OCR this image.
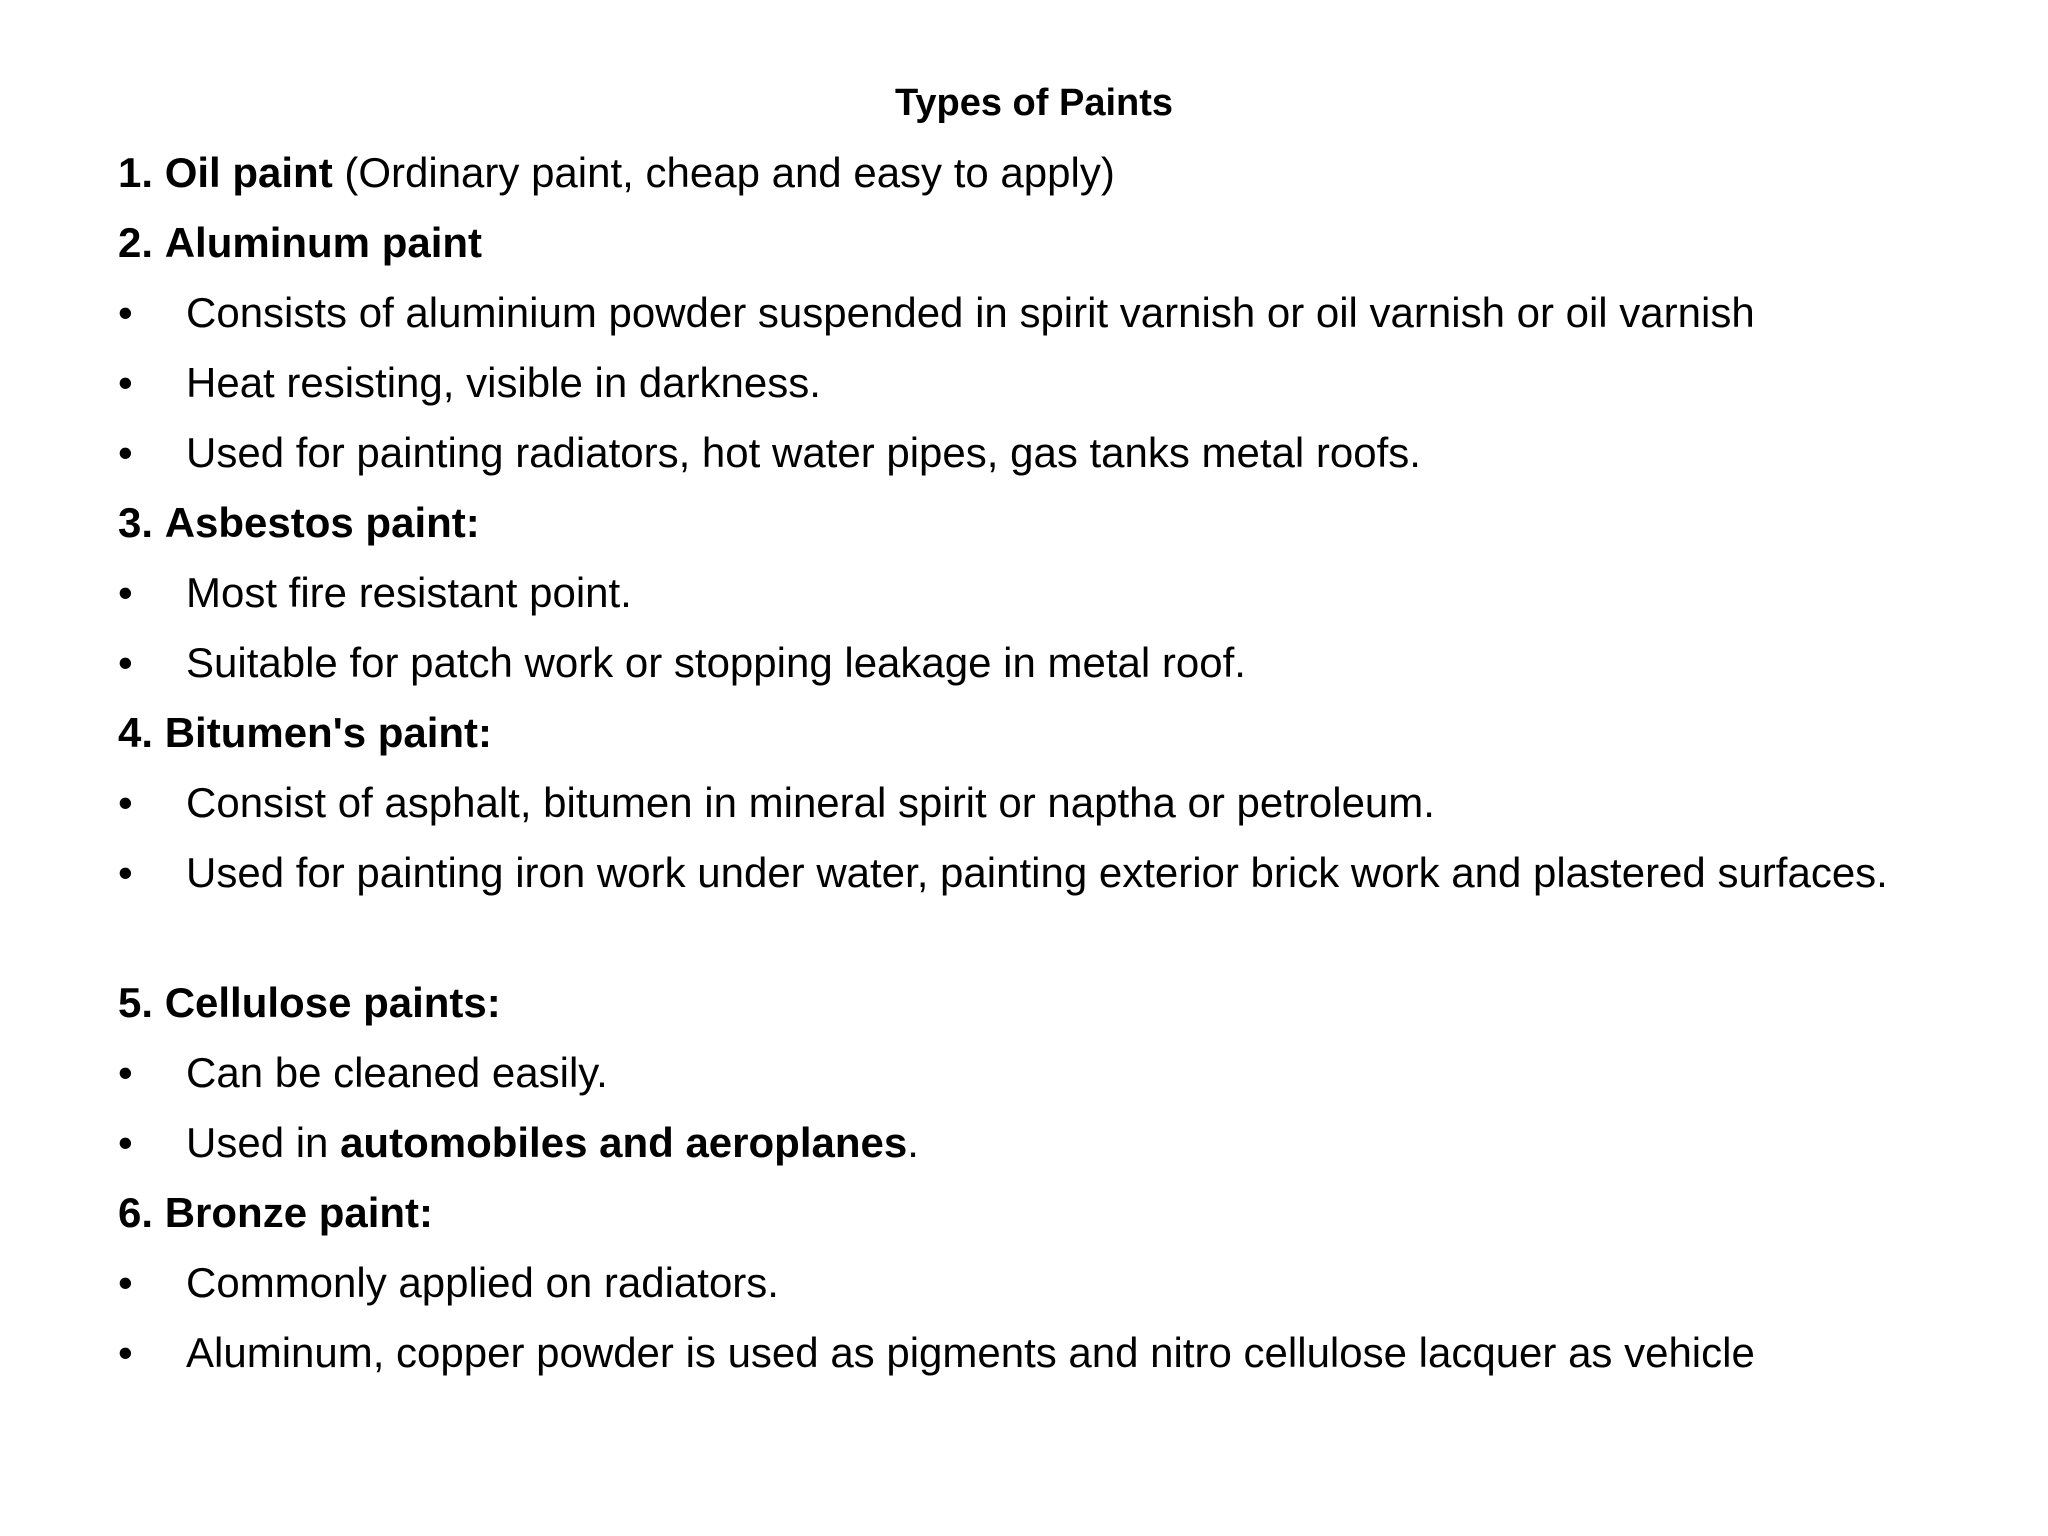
Types of Paints
1. Oil paint (Ordinary paint, cheap and easy to apply)
2. Aluminum paint
•	Consists of aluminium powder suspended in spirit varnish or oil varnish or oil varnish
•	Heat resisting, visible in darkness.
•	Used for painting radiators, hot water pipes, gas tanks metal roofs.
3. Asbestos paint:
•	Most fire resistant point.
•	Suitable for patch work or stopping leakage in metal roof.
4. Bitumen's paint:
•	Consist of asphalt, bitumen in mineral spirit or naptha or petroleum.
•	Used for painting iron work under water, painting exterior brick work and plastered surfaces.
5. Cellulose paints:
•	Can be cleaned easily.
•	Used in automobiles and aeroplanes.
6. Bronze paint:
•	Commonly applied on radiators.
•	Aluminum, copper powder is used as pigments and nitro cellulose lacquer as vehicle
